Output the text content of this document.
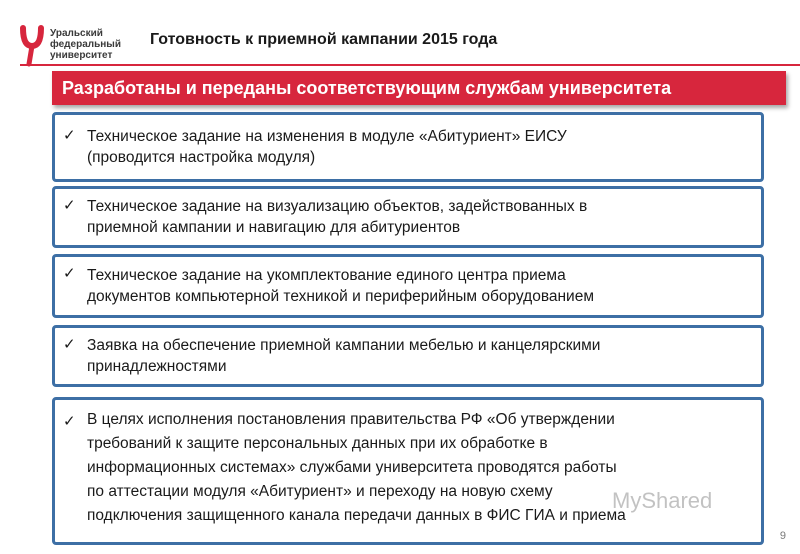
Уральский
федеральный
университет
Готовность к приемной кампании 2015 года
Разработаны и переданы соответствующим службам университета
✓ Техническое задание на изменения в модуле «Абитуриент» ЕИСУ
(проводится настройка модуля)
✓ Техническое задание на визуализацию объектов, задействованных в
приемной кампании и навигацию для абитуриентов
✓ Техническое задание на укомплектование единого центра приема
документов компьютерной техникой и периферийным оборудованием
✓ Заявка на обеспечение приемной кампании мебелью и канцелярскими
принадлежностями
✓ В целях исполнения постановления правительства РФ «Об утверждении
требований к защите персональных данных при их обработке в
информационных системах» службами университета проводятся работы
по аттестации модуля «Абитуриент» и переходу на новую схему
подключения защищенного канала передачи данных в ФИС ГИА и приема
MyShared
9
